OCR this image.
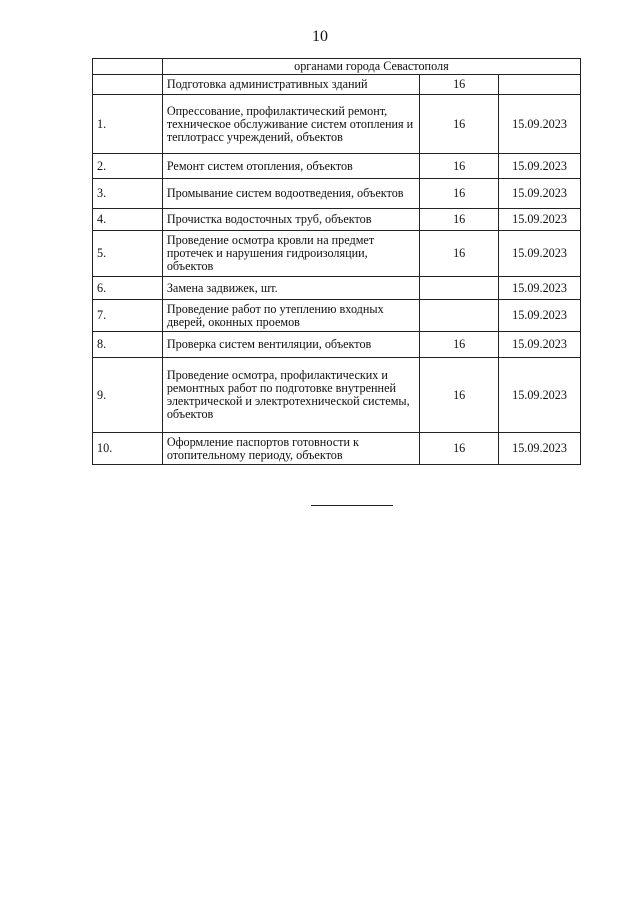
10
	органами города Севастополя		
	Подготовка административных зданий	16	
1.	Опрессование, профилактический ремонт, техническое обслуживание систем отопления и теплотрасс учреждений, объектов	16	15.09.2023
2.	Ремонт систем отопления, объектов	16	15.09.2023
3.	Промывание систем водоотведения, объектов	16	15.09.2023
4.	Прочистка водосточных труб, объектов	16	15.09.2023
5.	Проведение осмотра кровли на предмет протечек и нарушения гидроизоляции, объектов	16	15.09.2023
6.	Замена задвижек, шт.		15.09.2023
7.	Проведение работ по утеплению входных дверей, оконных проемов		15.09.2023
8.	Проверка систем вентиляции, объектов	16	15.09.2023
9.	Проведение осмотра, профилактических и ремонтных работ по подготовке внутренней электрической и электротехнической системы, объектов	16	15.09.2023
10.	Оформление паспортов готовности к отопительному периоду, объектов	16	15.09.2023
